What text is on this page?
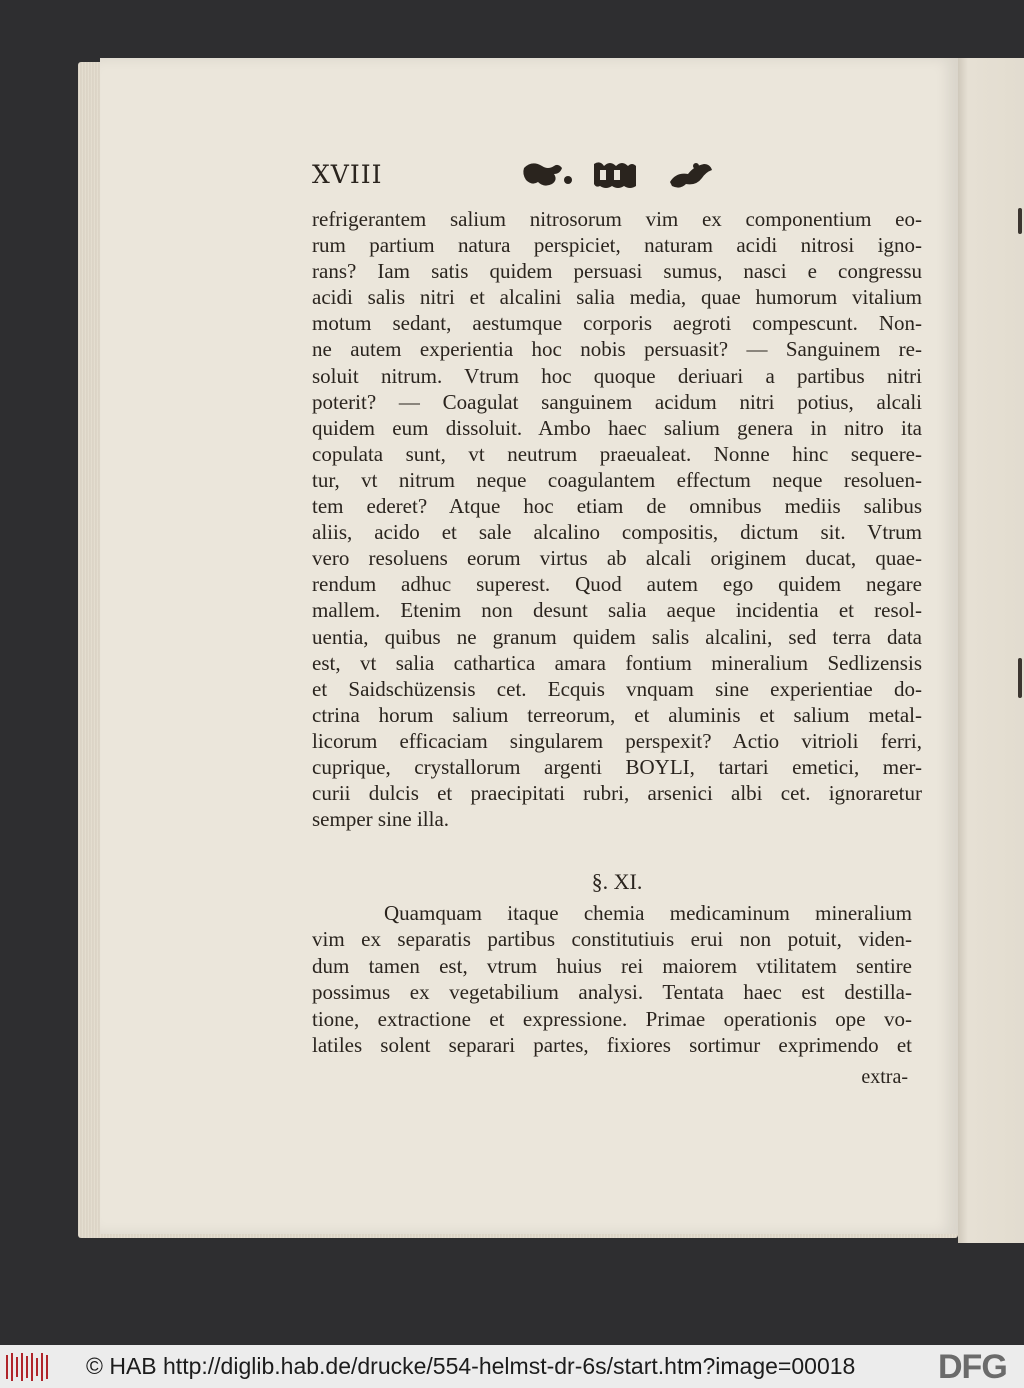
XVIII
refrigerantem salium nitrosorum vim ex componentium eo-
rum partium natura perspiciet, naturam acidi nitrosi igno-
rans? Iam satis quidem persuasi sumus, nasci e congressu
acidi salis nitri et alcalini salia media, quae humorum vitalium
motum sedant, aestumque corporis aegroti compescunt. Non-
ne autem experientia hoc nobis persuasit? — Sanguinem re-
soluit nitrum. Vtrum hoc quoque deriuari a partibus nitri
poterit? — Coagulat sanguinem acidum nitri potius, alcali
quidem eum dissoluit. Ambo haec salium genera in nitro ita
copulata sunt, vt neutrum praeualeat. Nonne hinc sequere-
tur, vt nitrum neque coagulantem effectum neque resoluen-
tem ederet? Atque hoc etiam de omnibus mediis salibus
aliis, acido et sale alcalino compositis, dictum sit. Vtrum
vero resoluens eorum virtus ab alcali originem ducat, quae-
rendum adhuc superest. Quod autem ego quidem negare
mallem. Etenim non desunt salia aeque incidentia et resol-
uentia, quibus ne granum quidem salis alcalini, sed terra data
est, vt salia cathartica amara fontium mineralium Sedlizensis
et Saidschüzensis cet. Ecquis vnquam sine experientiae do-
ctrina horum salium terreorum, et aluminis et salium metal-
licorum efficaciam singularem perspexit? Actio vitrioli ferri,
cuprique, crystallorum argenti BOYLI, tartari emetici, mer-
curii dulcis et praecipitati rubri, arsenici albi cet. ignoraretur
semper sine illa.
§. XI.
Quamquam itaque chemia medicaminum mineralium
vim ex separatis partibus constitutiuis erui non potuit, viden-
dum tamen est, vtrum huius rei maiorem vtilitatem sentire
possimus ex vegetabilium analysi. Tentata haec est destilla-
tione, extractione et expressione. Primae operationis ope vo-
latiles solent separari partes, fixiores sortimur exprimendo et
extra-
© HAB http://diglib.hab.de/drucke/554-helmst-dr-6s/start.htm?image=00018 DFG
